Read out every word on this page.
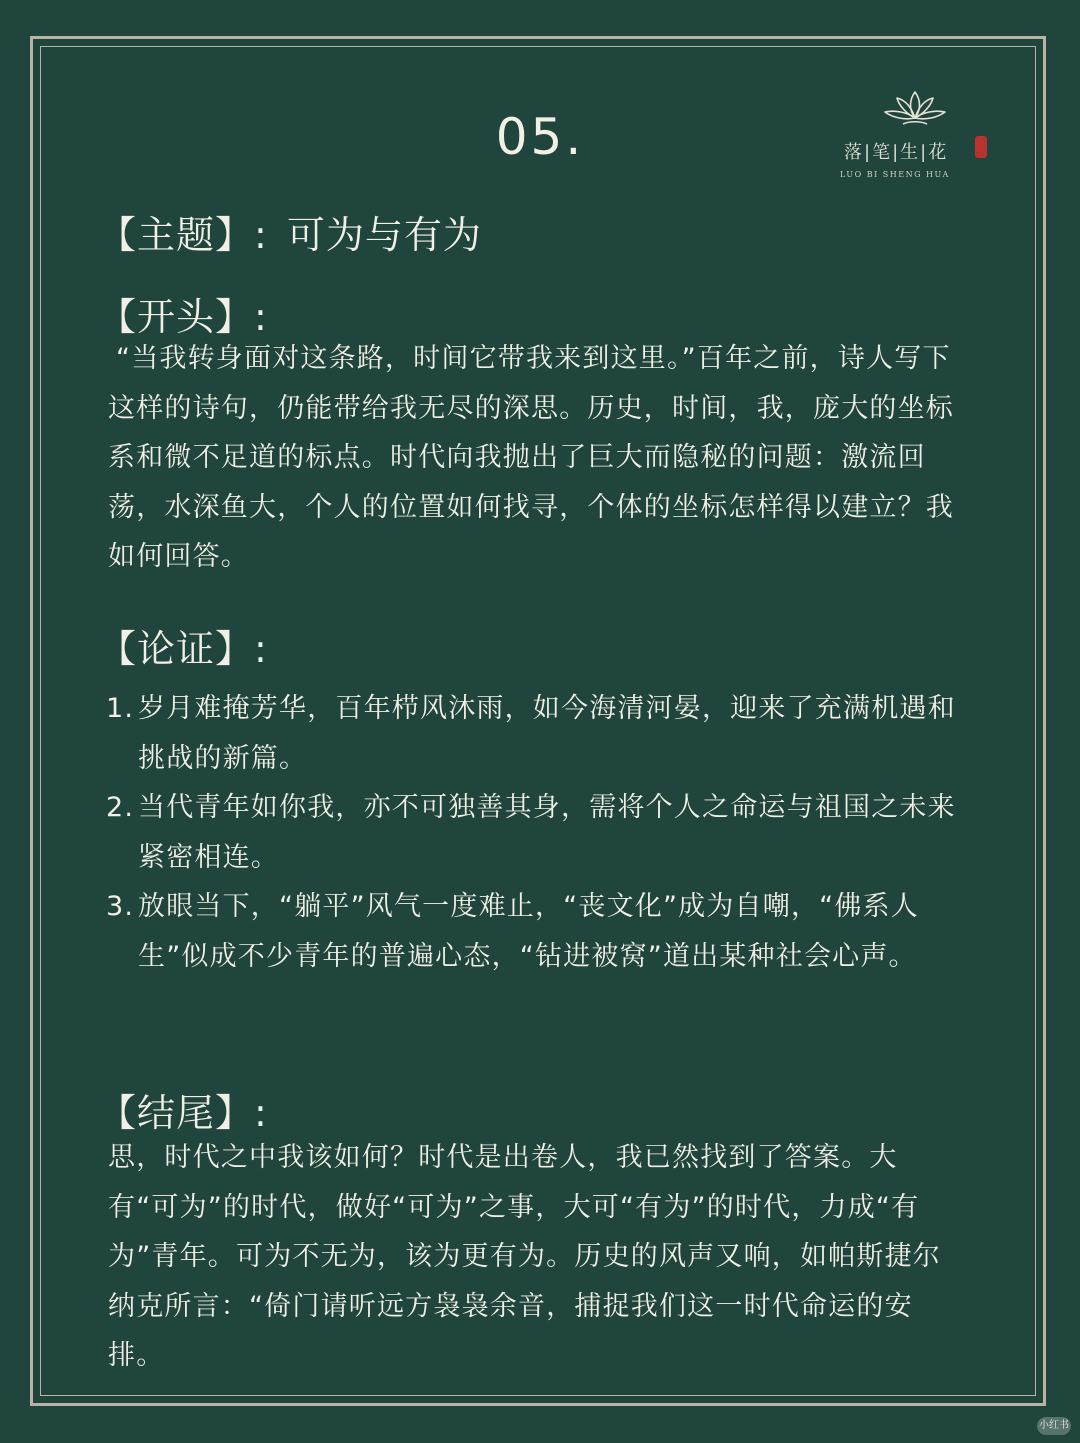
05.	落|笔|生|花
LUO BI SHENG HUA
【主题】: 可为与有为
【开头】:
“当我转身面对这条路，时间它带我来到这里。”百年之前，诗人写下这样的诗句，仍能带给我无尽的深思。历史，时间，我，庞大的坐标系和微不足道的标点。时代向我抛出了巨大而隐秘的问题：激流回荡，水深鱼大，个人的位置如何找寻，个体的坐标怎样得以建立？我如何回答。
【论证】:
1. 岁月难掩芳华，百年栉风沐雨，如今海清河晏，迎来了充满机遇和挑战的新篇。
2. 当代青年如你我，亦不可独善其身，需将个人之命运与祖国之未来紧密相连。
3. 放眼当下，“躺平”风气一度难止，“丧文化”成为自嘲，“佛系人生”似成不少青年的普遍心态，“钻进被窝”道出某种社会心声。
【结尾】:
思，时代之中我该如何？时代是出卷人，我已然找到了答案。大有“可为”的时代，做好“可为”之事，大可“有为”的时代，力成“有为”青年。可为不无为，该为更有为。历史的风声又响，如帕斯捷尔纳克所言：“倚门请听远方袅袅余音，捕捉我们这一时代命运的安排。
小红书
